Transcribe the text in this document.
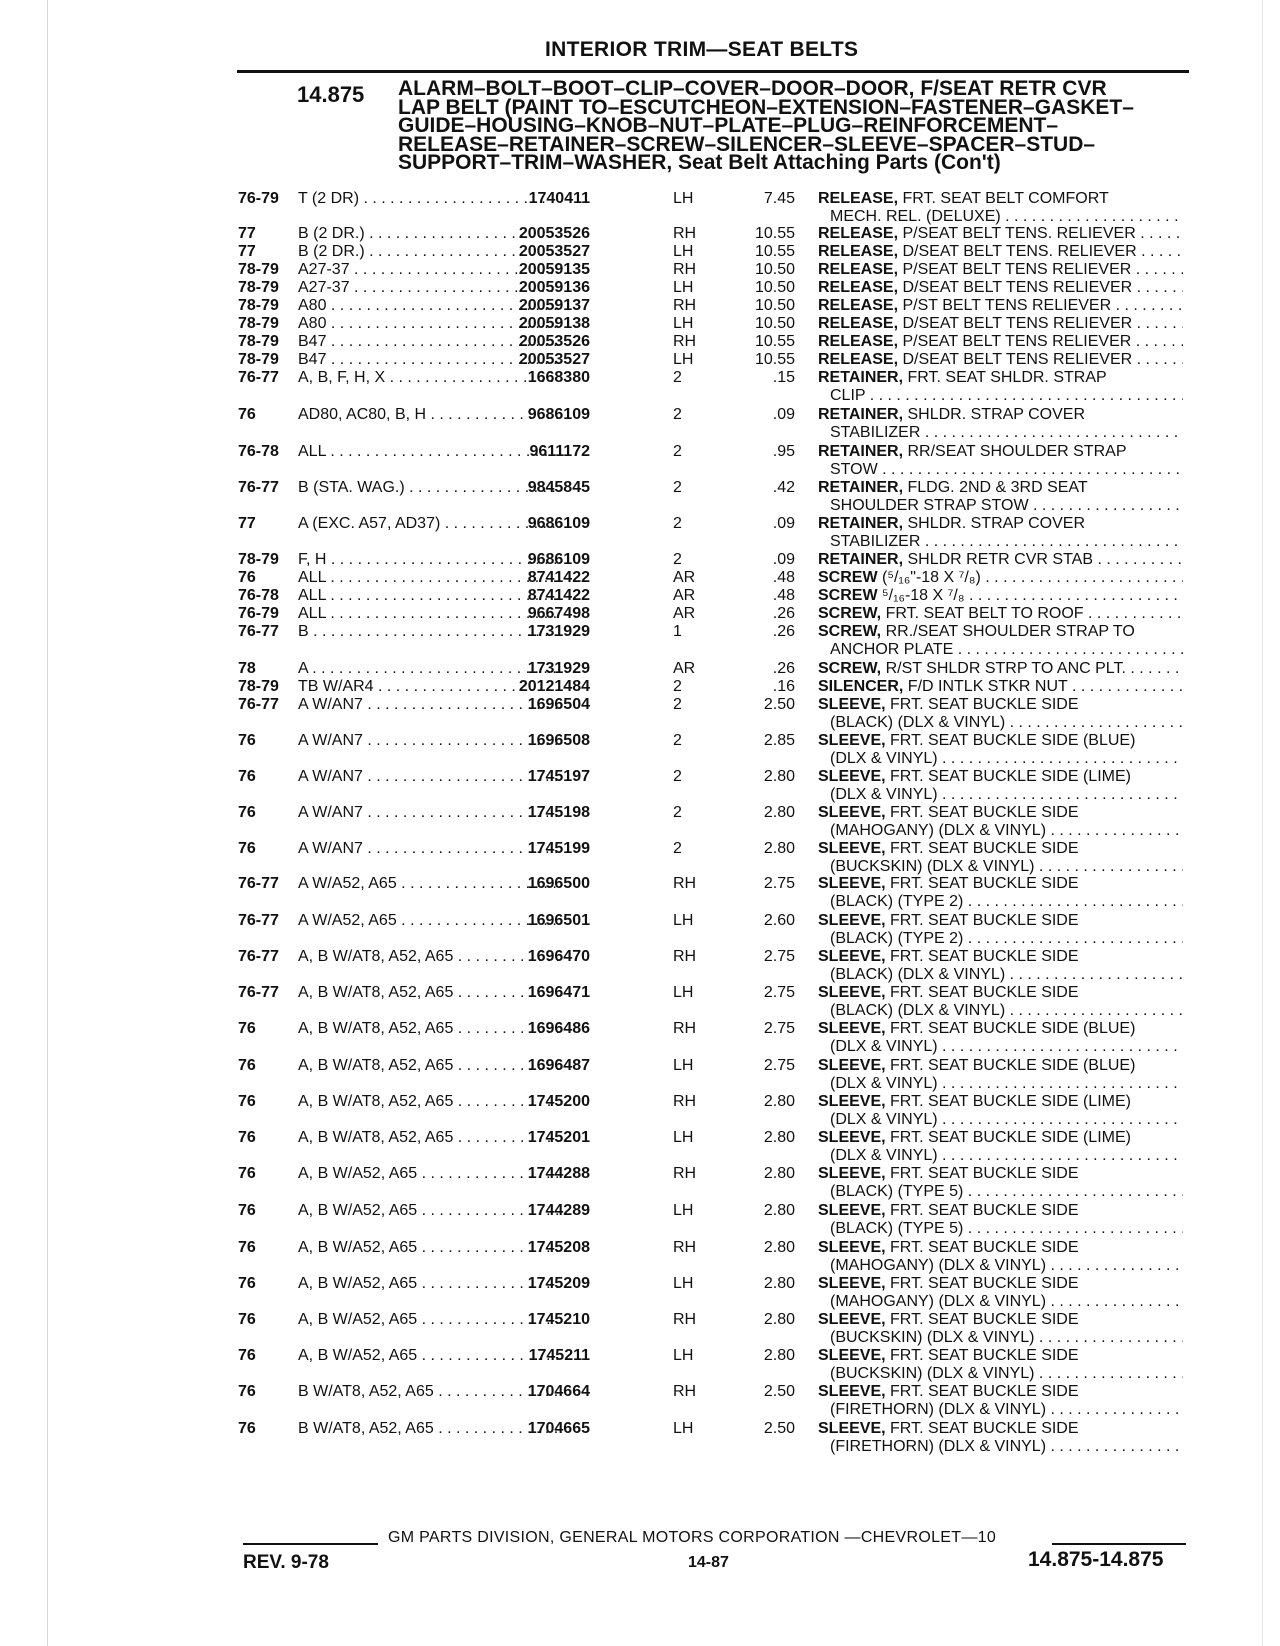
INTERIOR TRIM—SEAT BELTS
14.875 ALARM–BOLT–BOOT–CLIP–COVER–DOOR–DOOR, F/SEAT RETR CVR
LAP BELT (PAINT TO–ESCUTCHEON–EXTENSION–FASTENER–GASKET–
GUIDE–HOUSING–KNOB–NUT–PLATE–PLUG–REINFORCEMENT–
RELEASE–RETAINER–SCREW–SILENCER–SLEEVE–SPACER–STUD–
SUPPORT–TRIM–WASHER, Seat Belt Attaching Parts (Con't)
76-79 T (2 DR) . . .	1740411	LH	7.45 RELEASE, FRT. SEAT BELT COMFORT
MECH. REL. (DELUXE) . . .
77	B (2 DR.) . . .	20053526	RH	10.55 RELEASE, P/SEAT BELT TENS. RELIEVER . . .
77	B (2 DR.) . . .	20053527	LH	10.55 RELEASE, D/SEAT BELT TENS. RELIEVER . . .
78-79 A27-37 . . .	20059135	RH	10.50 RELEASE, P/SEAT BELT TENS RELIEVER . . .
78-79 A27-37 . . .	20059136	LH	10.50 RELEASE, D/SEAT BELT TENS RELIEVER . . .
78-79 A80 . . .	20059137	RH	10.50 RELEASE, P/ST BELT TENS RELIEVER . . .
78-79 A80 . . .	20059138	LH	10.50 RELEASE, D/SEAT BELT TENS RELIEVER . . .
78-79 B47 . . .	20053526	RH	10.55 RELEASE, P/SEAT BELT TENS RELIEVER . . .
78-79 B47 . . .	20053527	LH	10.55 RELEASE, D/SEAT BELT TENS RELIEVER . . .
76-77 A, B, F, H, X . . .	1668380	2	.15 RETAINER, FRT. SEAT SHLDR. STRAP
CLIP . . .
76	AD80, AC80, B, H . . .	9686109	2	.09 RETAINER, SHLDR. STRAP COVER
STABILIZER . . .
76-78 ALL . . .	9611172	2	.95 RETAINER, RR/SEAT SHOULDER STRAP
STOW . . .
76-77 B (STA. WAG.) . . .	9845845	2	.42 RETAINER, FLDG. 2ND & 3RD SEAT
SHOULDER STRAP STOW . . .
77	A (EXC. A57, AD37) . . .	9686109	2	.09 RETAINER, SHLDR. STRAP COVER
STABILIZER . . .
78-79 F, H . . .	9686109	2	.09 RETAINER, SHLDR RETR CVR STAB . . .
76	ALL . . .	8741422	AR	.48 SCREW (⁵/₁₆"-18 X ⁷/₈) . . .
76-78 ALL . . .	8741422	AR	.48 SCREW ⁵/₁₆-18 X ⁷/₈ . . .
76-79 ALL . . .	9667498	AR	.26 SCREW, FRT. SEAT BELT TO ROOF . . .
76-77 B . . .	1731929	1	.26 SCREW, RR./SEAT SHOULDER STRAP TO
ANCHOR PLATE . . .
78	A . . .	1731929	AR	.26 SCREW, R/ST SHLDR STRP TO ANC PLT. . . .
78-79 TB W/AR4 . . .	20121484	2	.16 SILENCER, F/D INTLK STKR NUT . . .
76-77 A W/AN7 . . .	1696504	2	2.50 SLEEVE, FRT. SEAT BUCKLE SIDE
(BLACK) (DLX & VINYL) . . .
76	A W/AN7 . . .	1696508	2	2.85 SLEEVE, FRT. SEAT BUCKLE SIDE (BLUE)
(DLX & VINYL) . . .
76	A W/AN7 . . .	1745197	2	2.80 SLEEVE, FRT. SEAT BUCKLE SIDE (LIME)
(DLX & VINYL) . . .
76	A W/AN7 . . .	1745198	2	2.80 SLEEVE, FRT. SEAT BUCKLE SIDE
(MAHOGANY) (DLX & VINYL) . . .
76	A W/AN7 . . .	1745199	2	2.80 SLEEVE, FRT. SEAT BUCKLE SIDE
(BUCKSKIN) (DLX & VINYL) . . .
76-77 A W/A52, A65 . . .	1696500	RH	2.75 SLEEVE, FRT. SEAT BUCKLE SIDE
(BLACK) (TYPE 2) . . .
76-77 A W/A52, A65 . . .	1696501	LH	2.60 SLEEVE, FRT. SEAT BUCKLE SIDE
(BLACK) (TYPE 2) . . .
76-77 A, B W/AT8, A52, A65 . . .	1696470	RH	2.75 SLEEVE, FRT. SEAT BUCKLE SIDE
(BLACK) (DLX & VINYL) . . .
76-77 A, B W/AT8, A52, A65 . . .	1696471	LH	2.75 SLEEVE, FRT. SEAT BUCKLE SIDE
(BLACK) (DLX & VINYL) . . .
76	A, B W/AT8, A52, A65 . . .	1696486	RH	2.75 SLEEVE, FRT. SEAT BUCKLE SIDE (BLUE)
(DLX & VINYL) . . .
76	A, B W/AT8, A52, A65 . . .	1696487	LH	2.75 SLEEVE, FRT. SEAT BUCKLE SIDE (BLUE)
(DLX & VINYL) . . .
76	A, B W/AT8, A52, A65 . . .	1745200	RH	2.80 SLEEVE, FRT. SEAT BUCKLE SIDE (LIME)
(DLX & VINYL) . . .
76	A, B W/AT8, A52, A65 . . .	1745201	LH	2.80 SLEEVE, FRT. SEAT BUCKLE SIDE (LIME)
(DLX & VINYL) . . .
76	A, B W/A52, A65 . . .	1744288	RH	2.80 SLEEVE, FRT. SEAT BUCKLE SIDE
(BLACK) (TYPE 5) . . .
76	A, B W/A52, A65 . . .	1744289	LH	2.80 SLEEVE, FRT. SEAT BUCKLE SIDE
(BLACK) (TYPE 5) . . .
76	A, B W/A52, A65 . . .	1745208	RH	2.80 SLEEVE, FRT. SEAT BUCKLE SIDE
(MAHOGANY) (DLX & VINYL) . . .
76	A, B W/A52, A65 . . .	1745209	LH	2.80 SLEEVE, FRT. SEAT BUCKLE SIDE
(MAHOGANY) (DLX & VINYL) . . .
76	A, B W/A52, A65 . . .	1745210	RH	2.80 SLEEVE, FRT. SEAT BUCKLE SIDE
(BUCKSKIN) (DLX & VINYL) . . .
76	A, B W/A52, A65 . . .	1745211	LH	2.80 SLEEVE, FRT. SEAT BUCKLE SIDE
(BUCKSKIN) (DLX & VINYL) . . .
76	B W/AT8, A52, A65 . . .	1704664	RH	2.50 SLEEVE, FRT. SEAT BUCKLE SIDE
(FIRETHORN) (DLX & VINYL) . . .
76	B W/AT8, A52, A65 . . .	1704665	LH	2.50 SLEEVE, FRT. SEAT BUCKLE SIDE
(FIRETHORN) (DLX & VINYL) . . .
GM PARTS DIVISION, GENERAL MOTORS CORPORATION —CHEVROLET—10
REV. 9-78	14-87	14.875-14.875
